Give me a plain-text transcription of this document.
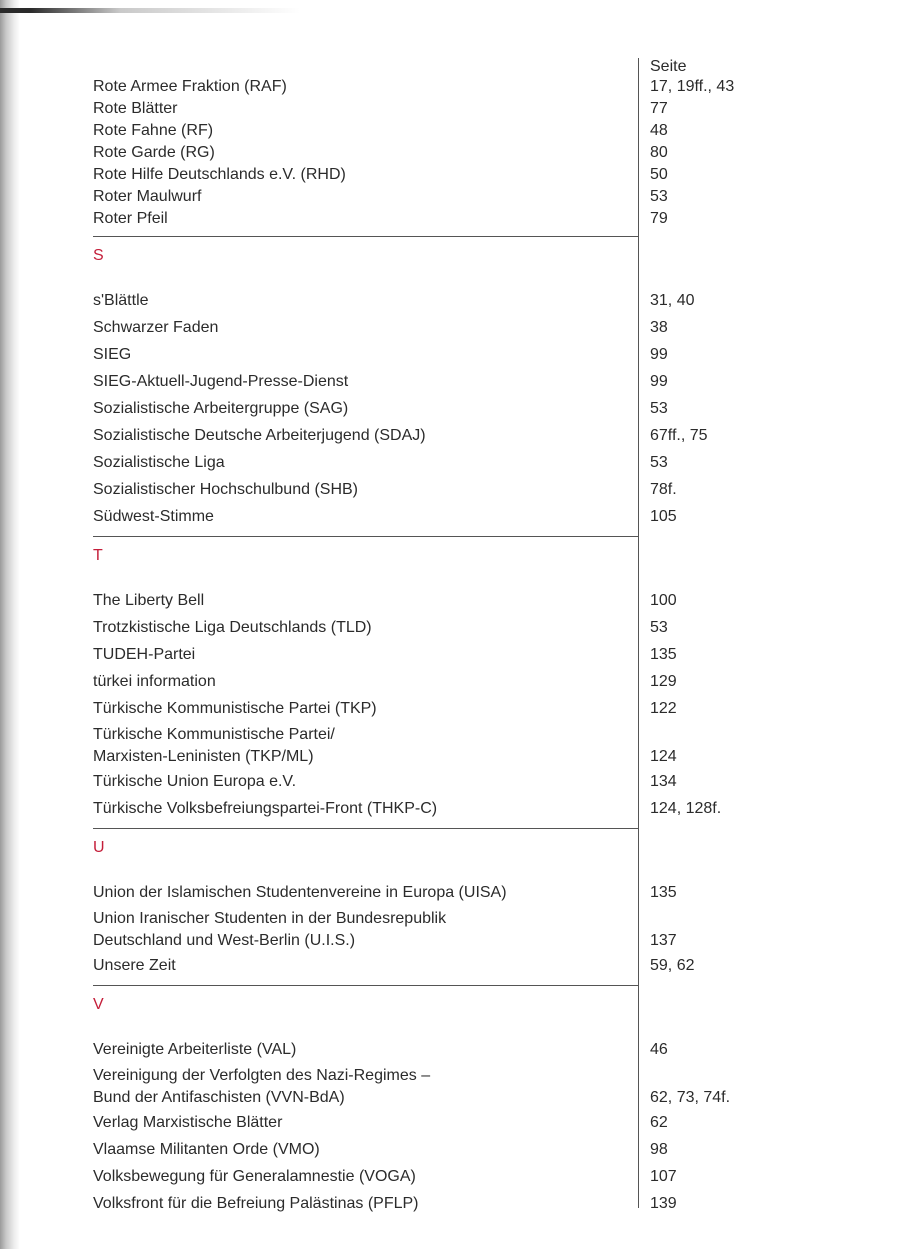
Seite
Rote Armee Fraktion (RAF)	17, 19ff., 43
Rote Blätter	77
Rote Fahne (RF)	48
Rote Garde (RG)	80
Rote Hilfe Deutschlands e.V. (RHD)	50
Roter Maulwurf	53
Roter Pfeil	79
S
s'Blättle	31, 40
Schwarzer Faden	38
SIEG	99
SIEG-Aktuell-Jugend-Presse-Dienst	99
Sozialistische Arbeitergruppe (SAG)	53
Sozialistische Deutsche Arbeiterjugend (SDAJ)	67ff., 75
Sozialistische Liga	53
Sozialistischer Hochschulbund (SHB)	78f.
Südwest-Stimme	105
T
The Liberty Bell	100
Trotzkistische Liga Deutschlands (TLD)	53
TUDEH-Partei	135
türkei information	129
Türkische Kommunistische Partei (TKP)	122
Türkische Kommunistische Partei/
Marxisten-Leninisten (TKP/ML)	124
Türkische Union Europa e.V.	134
Türkische Volksbefreiungspartei-Front (THKP-C)	124, 128f.
U
Union der Islamischen Studentenvereine in Europa (UISA)	135
Union Iranischer Studenten in der Bundesrepublik
Deutschland und West-Berlin (U.I.S.)	137
Unsere Zeit	59, 62
V
Vereinigte Arbeiterliste (VAL)	46
Vereinigung der Verfolgten des Nazi-Regimes –
Bund der Antifaschisten (VVN-BdA)	62, 73, 74f.
Verlag Marxistische Blätter	62
Vlaamse Militanten Orde (VMO)	98
Volksbewegung für Generalamnestie (VOGA)	107
Volksfront für die Befreiung Palästinas (PFLP)	139
